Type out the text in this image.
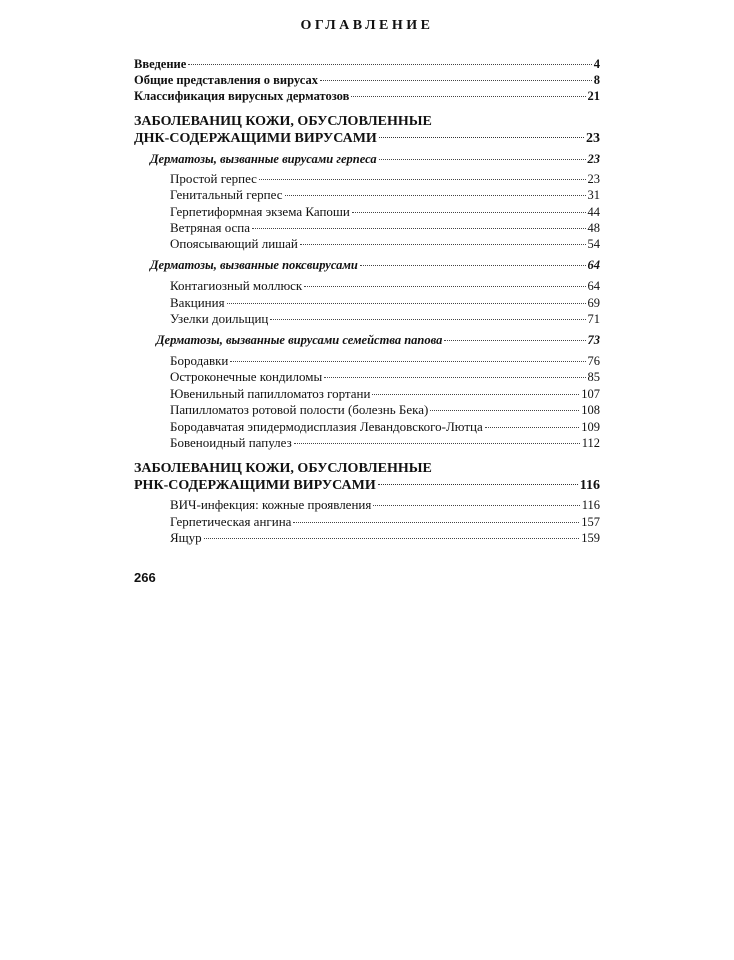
ОГЛАВЛЕНИЕ
Введение	4
Общие представления о вирусах	8
Классификация вирусных дерматозов	21
ЗАБОЛЕВАНИЦ КОЖИ, ОБУСЛОВЛЕННЫЕ
ДНК-СОДЕРЖАЩИМИ ВИРУСАМИ	23
Дерматозы, вызванные вирусами герпеса	23
Простой герпес	23
Генитальный герпес	31
Герпетиформная экзема Капоши	44
Ветряная оспа	48
Опоясывающий лишай	54
Дерматозы, вызванные поксвирусами	64
Контагиозный моллюск	64
Вакциния	69
Узелки доильщиц	71
Дерматозы, вызванные вирусами семейства папова	73
Бородавки	76
Остроконечные кондиломы	85
Ювенильный папилломатоз гортани	107
Папилломатоз ротовой полости (болезнь Бека)	108
Бородавчатая эпидермодисплазия Левандовского-Лютца	109
Бовеноидный папулез	112
ЗАБОЛЕВАНИЦ КОЖИ, ОБУСЛОВЛЕННЫЕ
РНК-СОДЕРЖАЩИМИ ВИРУСАМИ	116
ВИЧ-инфекция: кожные проявления	116
Герпетическая ангина	157
Ящур	159
266
